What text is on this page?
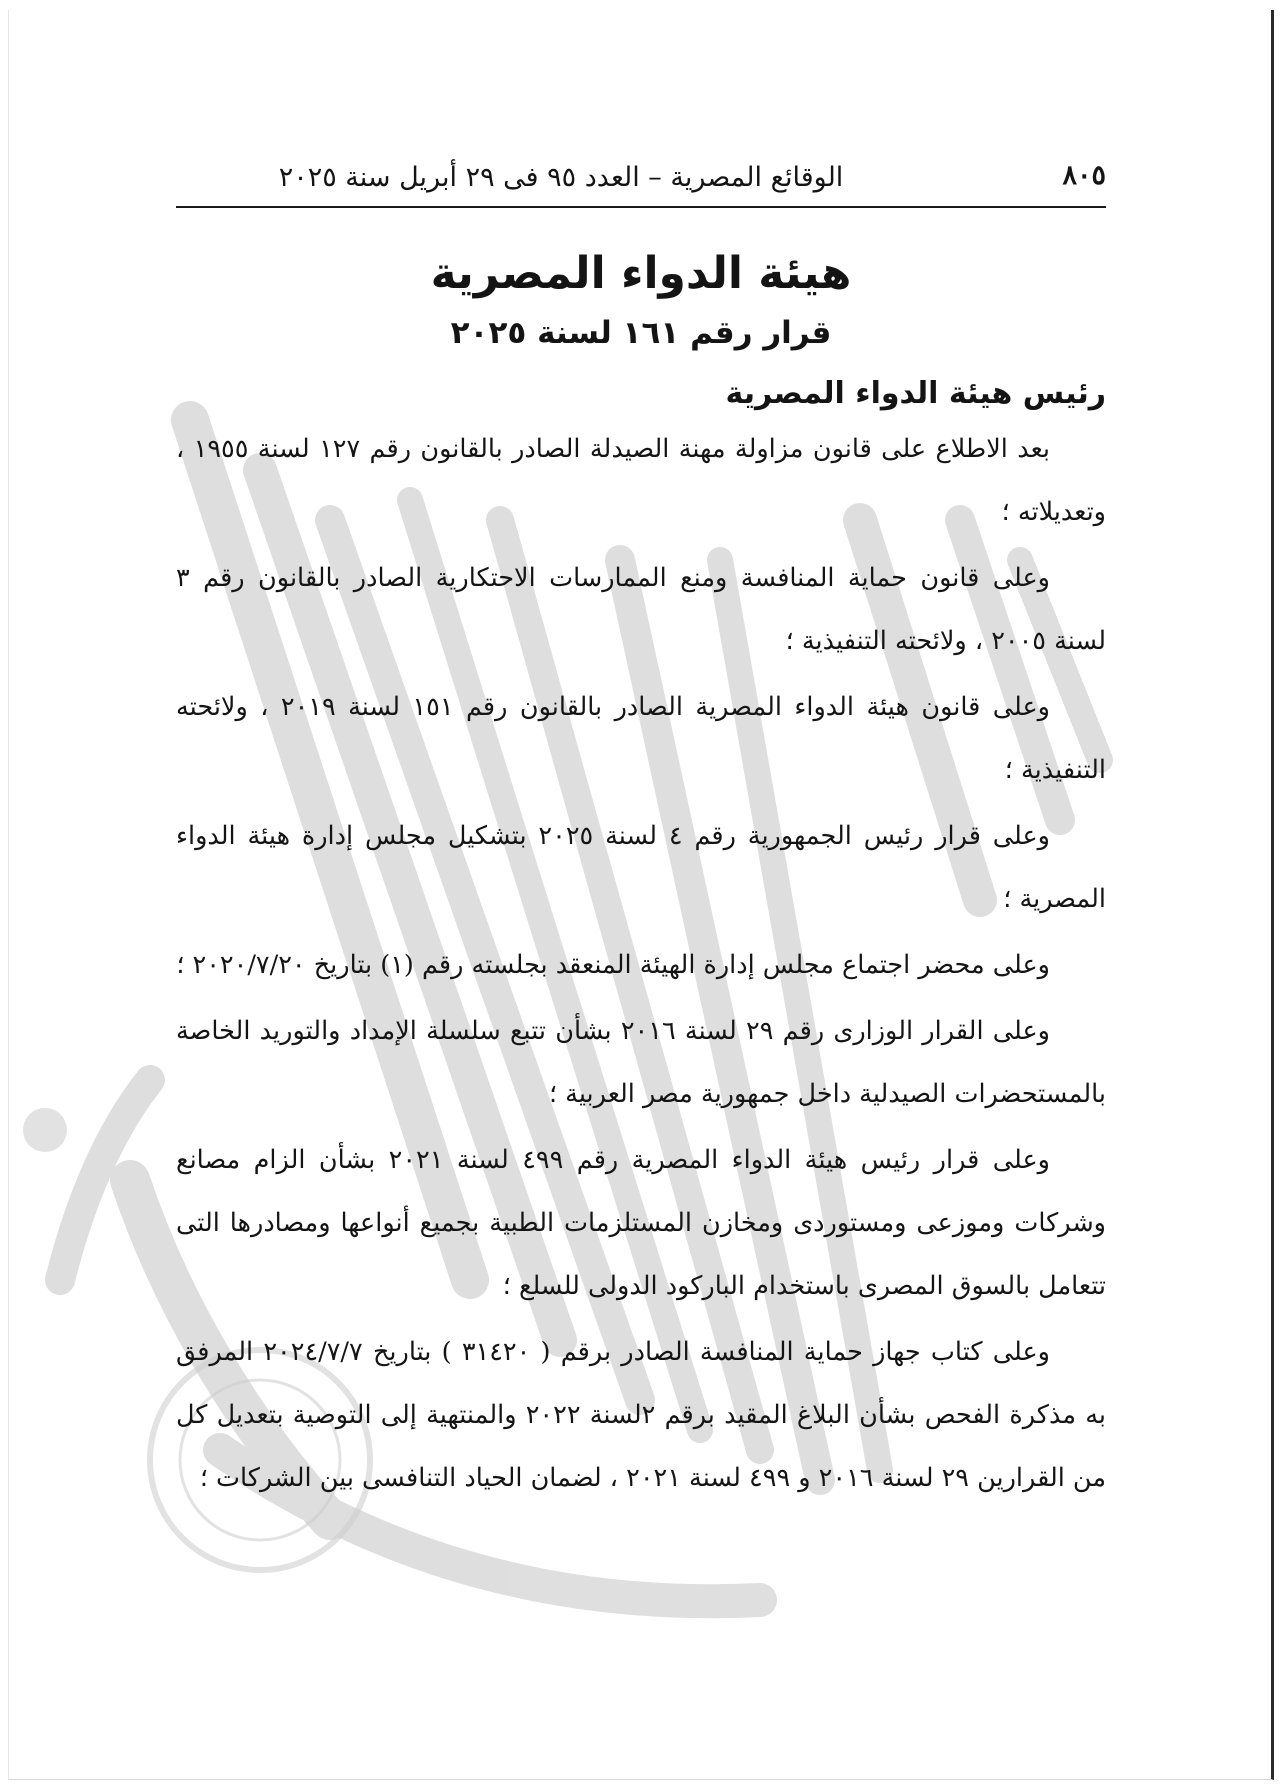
٨٠٥
الوقائع المصرية – العدد ٩٥ فى ٢٩ أبريل سنة ٢٠٢٥
هيئة الدواء المصرية
قرار رقم ١٦١ لسنة ٢٠٢٥
رئيس هيئة الدواء المصرية

بعد الاطلاع على قانون مزاولة مهنة الصيدلة الصادر بالقانون رقم ١٢٧ لسنة ١٩٥٥ ، وتعديلاته ؛

وعلى قانون حماية المنافسة ومنع الممارسات الاحتكارية الصادر بالقانون رقم ٣ لسنة ٢٠٠٥ ، ولائحته التنفيذية ؛

وعلى قانون هيئة الدواء المصرية الصادر بالقانون رقم ١٥١ لسنة ٢٠١٩ ، ولائحته التنفيذية ؛

وعلى قرار رئيس الجمهورية رقم ٤ لسنة ٢٠٢٥ بتشكيل مجلس إدارة هيئة الدواء المصرية ؛

وعلى محضر اجتماع مجلس إدارة الهيئة المنعقد بجلسته رقم (١) بتاريخ ٢٠٢٠/٧/٢٠ ؛

وعلى القرار الوزارى رقم ٢٩ لسنة ٢٠١٦ بشأن تتبع سلسلة الإمداد والتوريد الخاصة بالمستحضرات الصيدلية داخل جمهورية مصر العربية ؛

وعلى قرار رئيس هيئة الدواء المصرية رقم ٤٩٩ لسنة ٢٠٢١ بشأن الزام مصانع وشركات وموزعى ومستوردى ومخازن المستلزمات الطبية بجميع أنواعها ومصادرها التى تتعامل بالسوق المصرى باستخدام الباركود الدولى للسلع ؛

وعلى كتاب جهاز حماية المنافسة الصادر برقم ( ٣١٤٢٠ ) بتاريخ ٢٠٢٤/٧/٧ المرفق به مذكرة الفحص بشأن البلاغ المقيد برقم ٢لسنة ٢٠٢٢ والمنتهية إلى التوصية بتعديل كل من القرارين ٢٩ لسنة ٢٠١٦ و ٤٩٩ لسنة ٢٠٢١ ، لضمان الحياد التنافسى بين الشركات ؛
